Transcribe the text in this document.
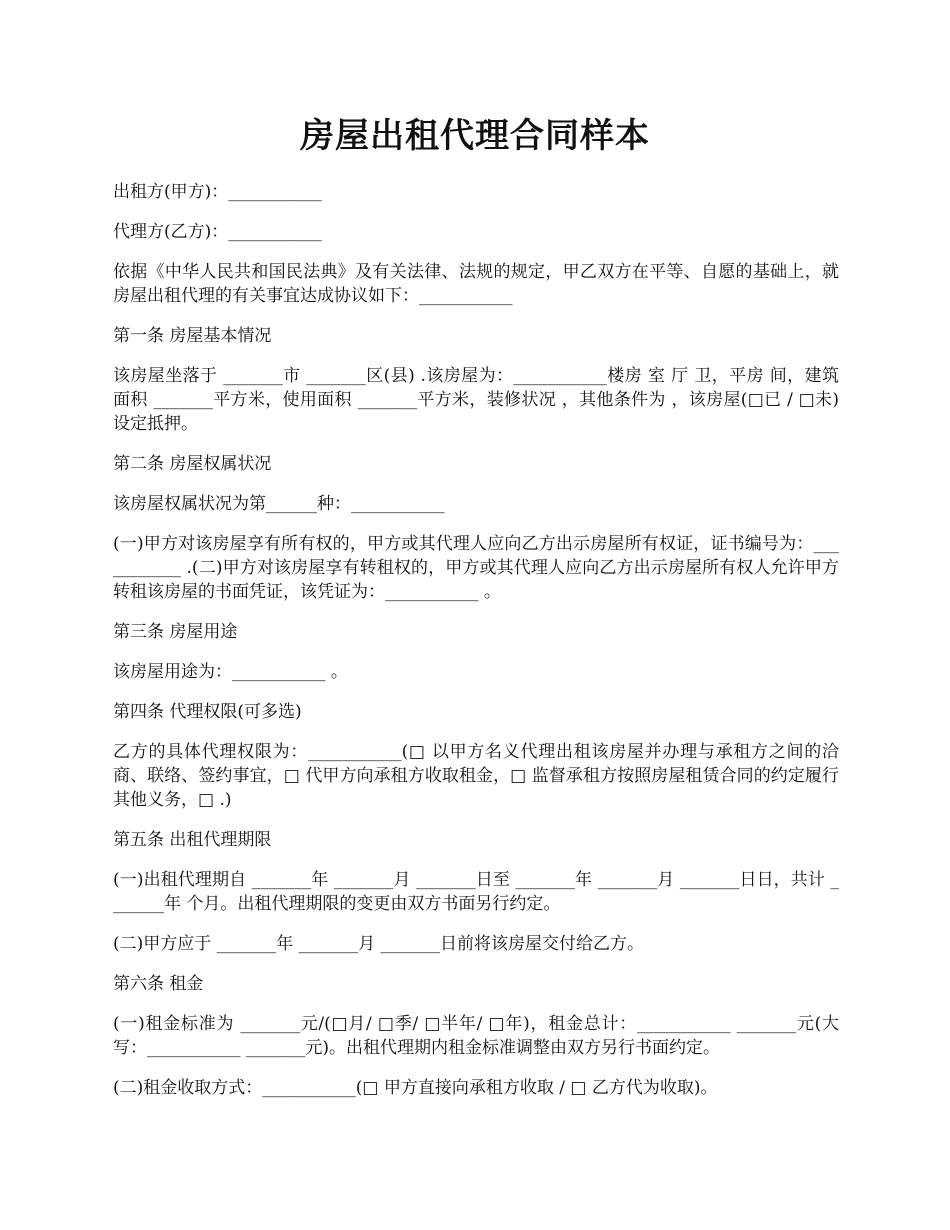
房屋出租代理合同样本

出租方(甲方)：___________

代理方(乙方)：___________

依据《中华人民共和国民法典》及有关法律、法规的规定，甲乙双方在平等、自愿的基础上，就房屋出租代理的有关事宜达成协议如下：___________

第一条 房屋基本情况

该房屋坐落于 _______市 _______区(县) .该房屋为：___________楼房 室 厅 卫，平房 间，建筑面积 _______平方米，使用面积 _______平方米，装修状况 ，其他条件为 ，该房屋(□已 / □未)设定抵押。

第二条 房屋权属状况

该房屋权属状况为第______种：___________

(一)甲方对该房屋享有所有权的，甲方或其代理人应向乙方出示房屋所有权证，证书编号为：___________ .(二)甲方对该房屋享有转租权的，甲方或其代理人应向乙方出示房屋所有权人允许甲方转租该房屋的书面凭证，该凭证为：___________ 。

第三条 房屋用途

该房屋用途为：___________ 。

第四条 代理权限(可多选)

乙方的具体代理权限为：___________(□ 以甲方名义代理出租该房屋并办理与承租方之间的洽商、联络、签约事宜，□ 代甲方向承租方收取租金，□ 监督承租方按照房屋租赁合同的约定履行其他义务，□ .)

第五条 出租代理期限

(一)出租代理期自 _______年 _______月 _______日至 _______年 _______月 _______日日，共计 _______年 个月。出租代理期限的变更由双方书面另行约定。

(二)甲方应于 _______年 _______月 _______日前将该房屋交付给乙方。

第六条 租金

(一)租金标准为 _______元/(□月/ □季/ □半年/ □年)，租金总计：___________ _______元(大写：___________ _______元)。出租代理期内租金标准调整由双方另行书面约定。

(二)租金收取方式：___________(□ 甲方直接向承租方收取 / □ 乙方代为收取)。
